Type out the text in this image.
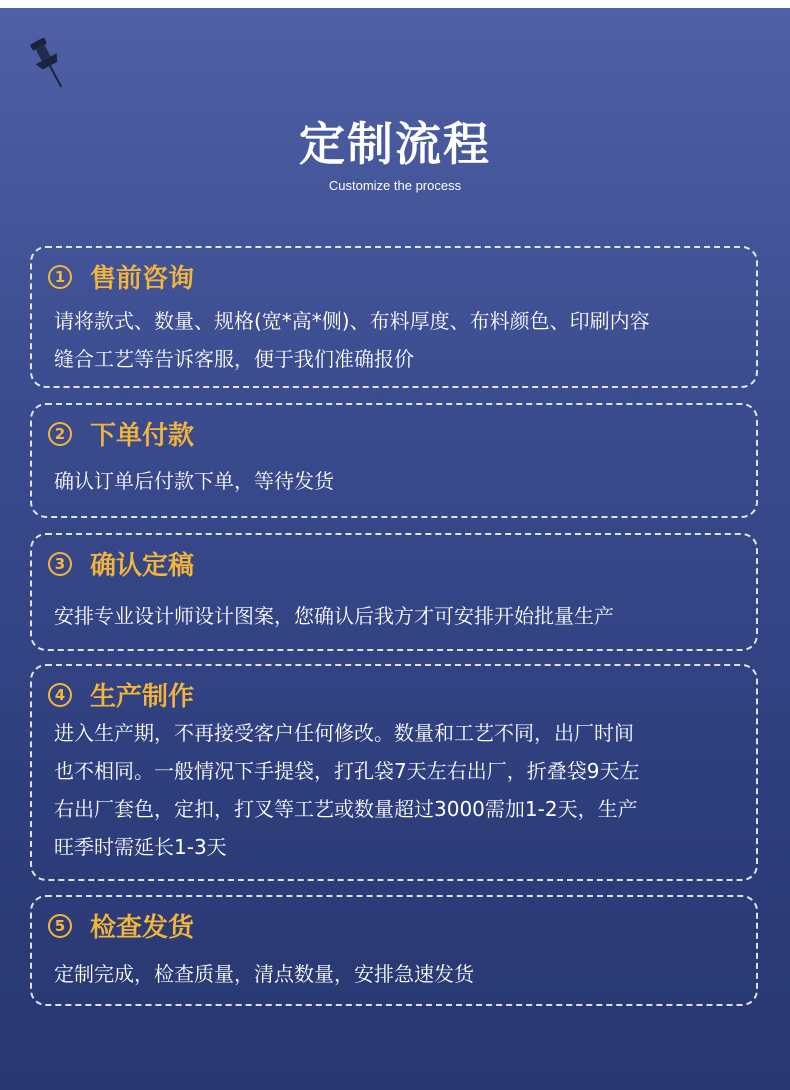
定制流程
Customize the process
1 售前咨询
请将款式、数量、规格(宽*高*侧)、布料厚度、布料颜色、印刷内容
缝合工艺等告诉客服，便于我们准确报价
2 下单付款
确认订单后付款下单，等待发货
3 确认定稿
安排专业设计师设计图案，您确认后我方才可安排开始批量生产
4 生产制作
进入生产期，不再接受客户任何修改。数量和工艺不同，出厂时间
也不相同。一般情况下手提袋，打孔袋7天左右出厂，折叠袋9天左
右出厂套色，定扣，打叉等工艺或数量超过3000需加1-2天，生产
旺季时需延长1-3天
5 检查发货
定制完成，检查质量，清点数量，安排急速发货
